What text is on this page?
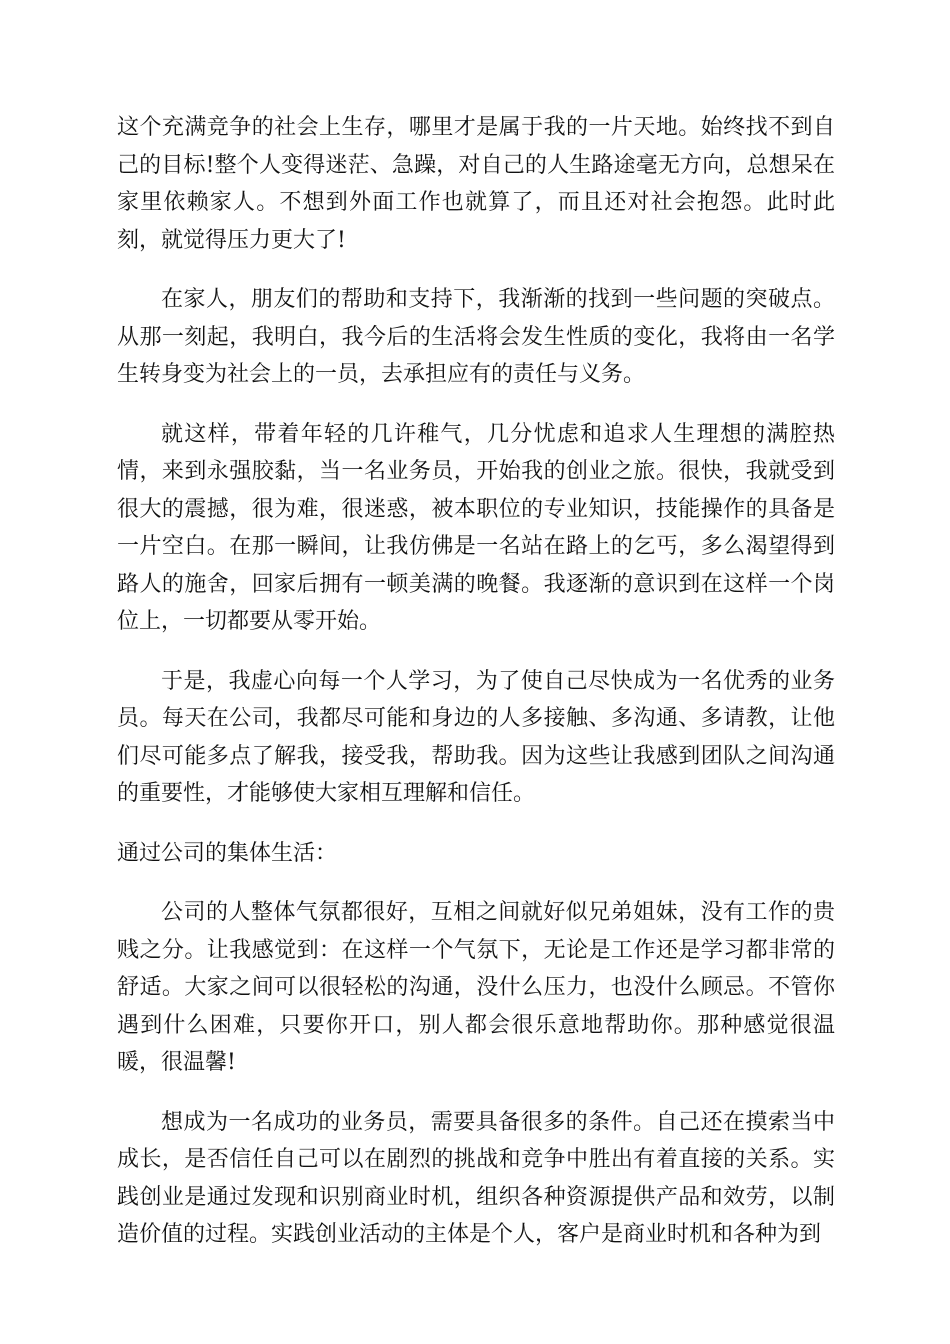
这个充满竞争的社会上生存，哪里才是属于我的一片天地。始终找不到自己的目标!整个人变得迷茫、急躁，对自己的人生路途毫无方向，总想呆在家里依赖家人。不想到外面工作也就算了，而且还对社会抱怨。此时此刻，就觉得压力更大了!

在家人，朋友们的帮助和支持下，我渐渐的找到一些问题的突破点。从那一刻起，我明白，我今后的生活将会发生性质的变化，我将由一名学生转身变为社会上的一员，去承担应有的责任与义务。

就这样，带着年轻的几许稚气，几分忧虑和追求人生理想的满腔热情，来到永强胶黏，当一名业务员，开始我的创业之旅。很快，我就受到很大的震撼，很为难，很迷惑，被本职位的专业知识，技能操作的具备是一片空白。在那一瞬间，让我仿佛是一名站在路上的乞丐，多么渴望得到路人的施舍，回家后拥有一顿美满的晚餐。我逐渐的意识到在这样一个岗位上，一切都要从零开始。

于是，我虚心向每一个人学习，为了使自己尽快成为一名优秀的业务员。每天在公司，我都尽可能和身边的人多接触、多沟通、多请教，让他们尽可能多点了解我，接受我，帮助我。因为这些让我感到团队之间沟通的重要性，才能够使大家相互理解和信任。

通过公司的集体生活：

公司的人整体气氛都很好，互相之间就好似兄弟姐妹，没有工作的贵贱之分。让我感觉到：在这样一个气氛下，无论是工作还是学习都非常的舒适。大家之间可以很轻松的沟通，没什么压力，也没什么顾忌。不管你遇到什么困难，只要你开口，别人都会很乐意地帮助你。那种感觉很温暖，很温馨!

想成为一名成功的业务员，需要具备很多的条件。自己还在摸索当中成长，是否信任自己可以在剧烈的挑战和竞争中胜出有着直接的关系。实践创业是通过发现和识别商业时机，组织各种资源提供产品和效劳，以制造价值的过程。实践创业活动的主体是个人，客户是商业时机和各种为到
